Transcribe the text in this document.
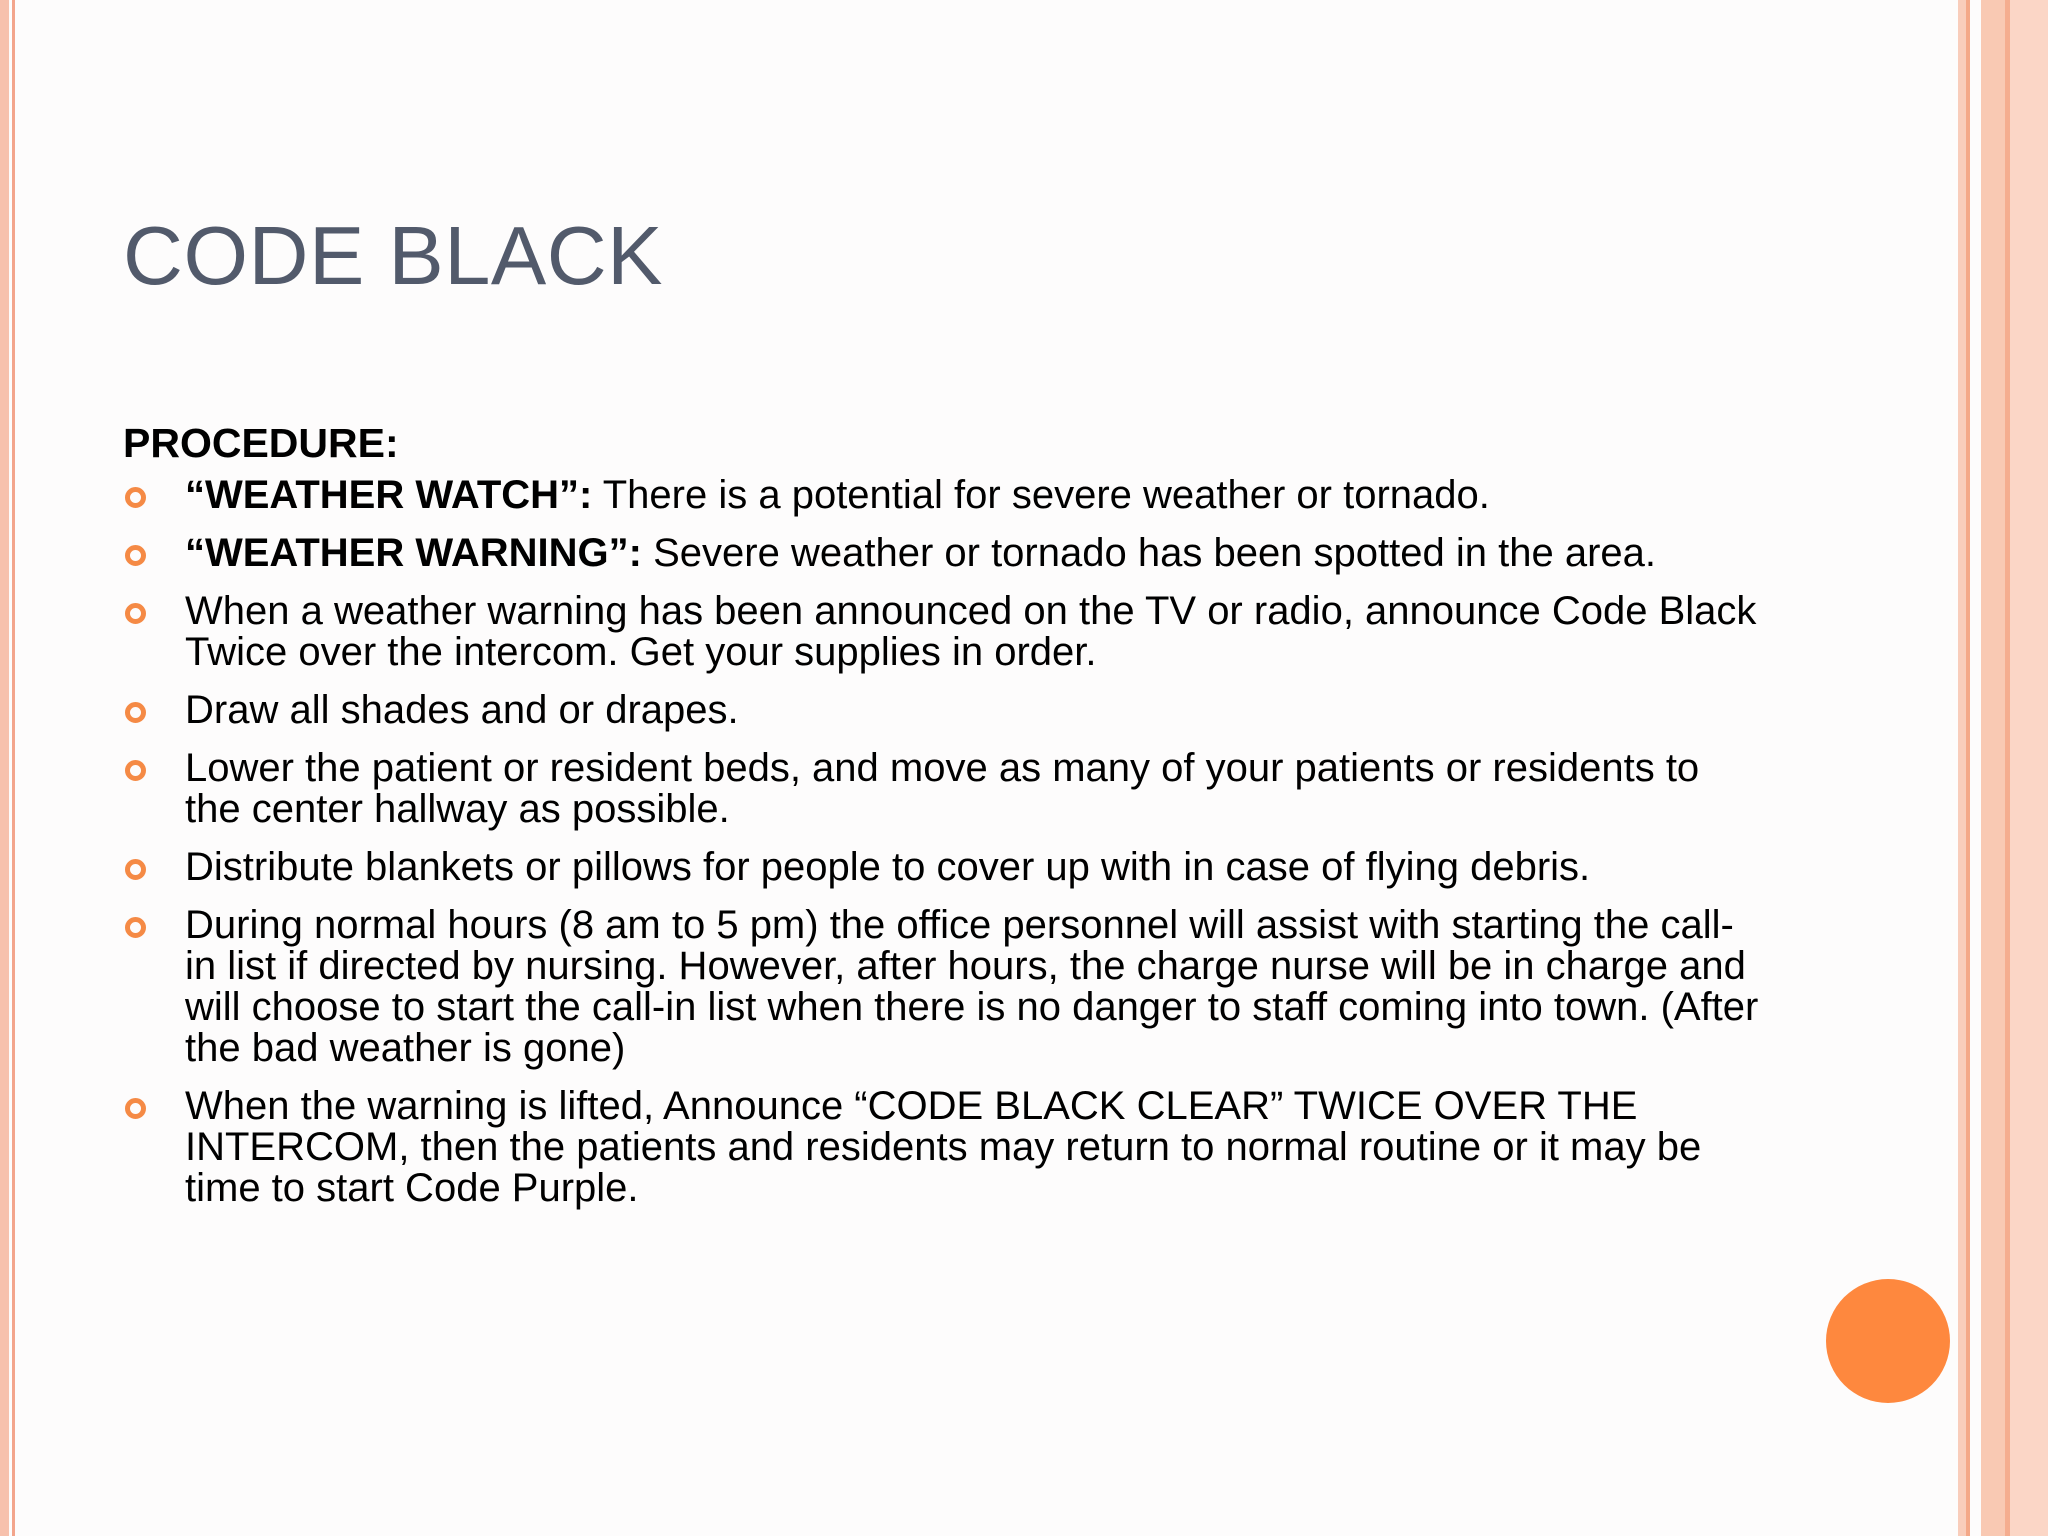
CODE BLACK
PROCEDURE:
“WEATHER WATCH”: There is a potential for severe weather or tornado.
“WEATHER WARNING”: Severe weather or tornado has been spotted in the area.
When a weather warning has been announced on the TV or radio, announce Code Black Twice over the intercom. Get your supplies in order.
Draw all shades and or drapes.
Lower the patient or resident beds, and move as many of your patients or residents to the center hallway as possible.
Distribute blankets or pillows for people to cover up with in case of flying debris.
During normal hours (8 am to 5 pm) the office personnel will assist with starting the call-in list if directed by nursing. However, after hours, the charge nurse will be in charge and will choose to start the call-in list when there is no danger to staff coming into town. (After the bad weather is gone)
When the warning is lifted, Announce “CODE BLACK CLEAR” TWICE OVER THE INTERCOM, then the patients and residents may return to normal routine or it may be time to start Code Purple.
